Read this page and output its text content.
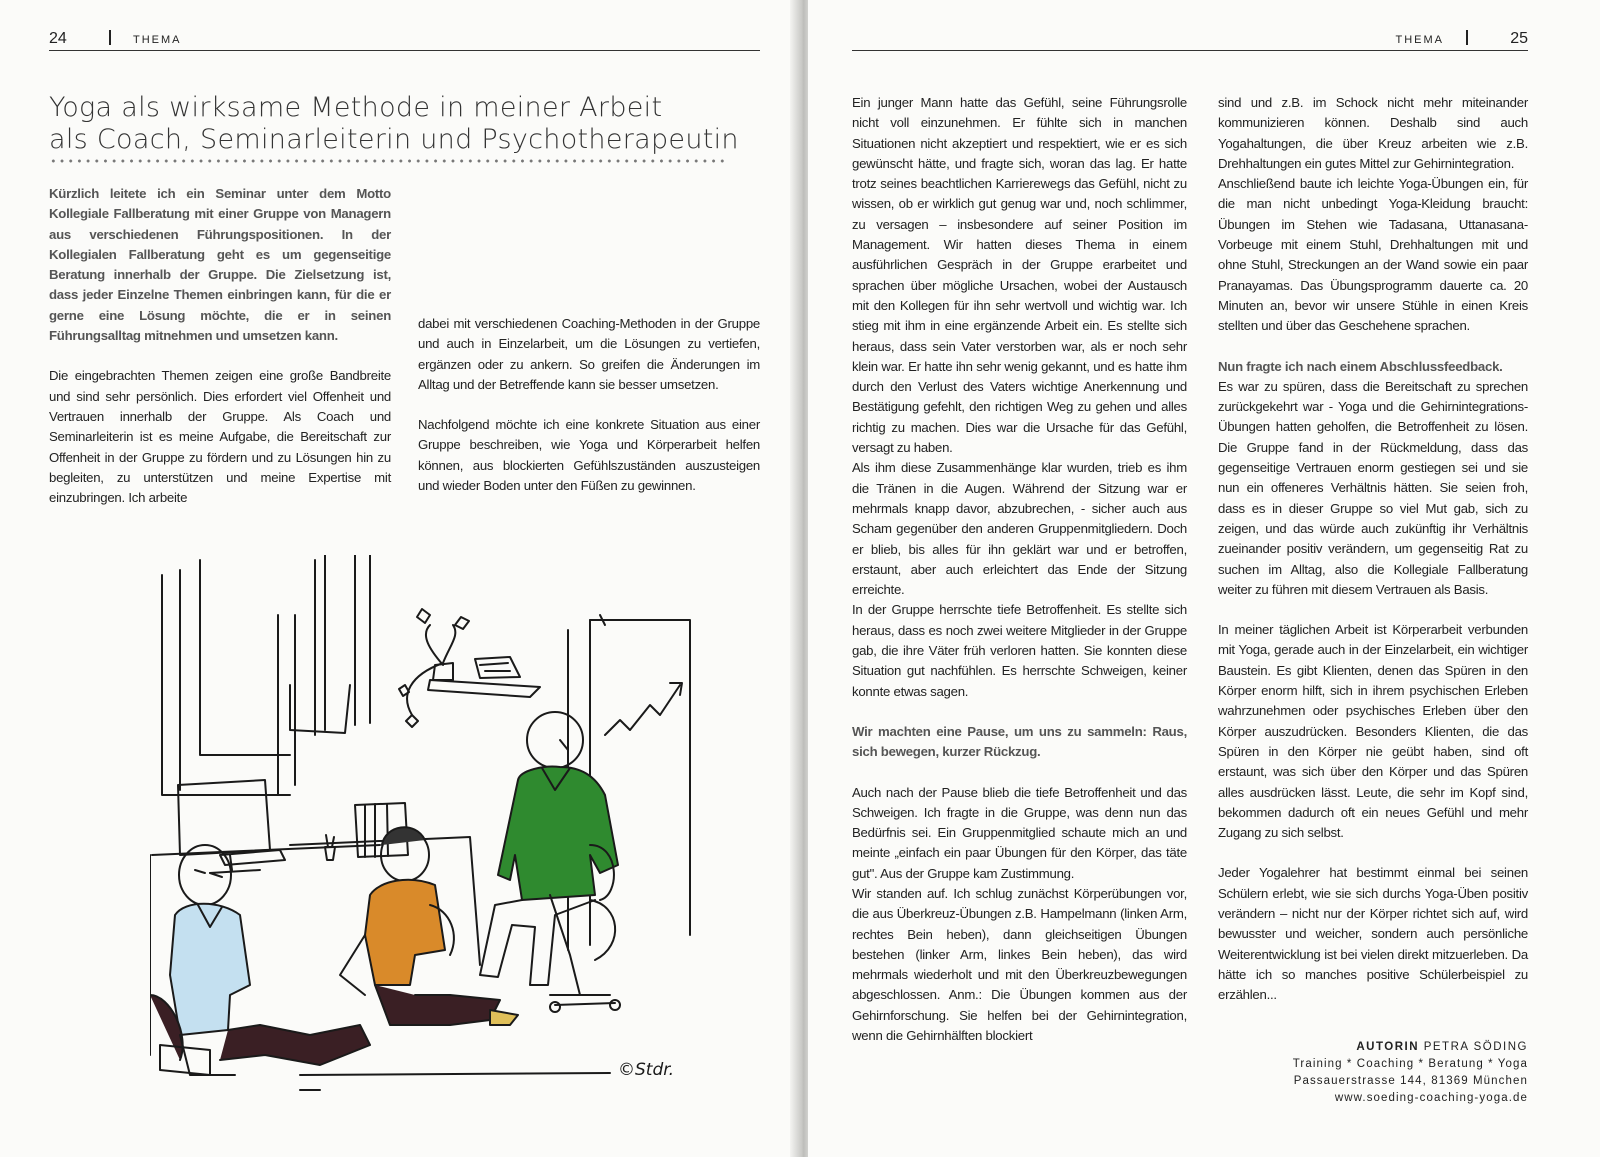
24	THEMA
Yoga als wirksame Methode in meiner Arbeit
als Coach, Seminarleiterin und Psychotherapeutin

Kürzlich leitete ich ein Seminar unter dem Motto Kollegiale Fallberatung mit einer Gruppe von Managern aus verschiedenen Führungspositionen. In der Kollegialen Fallberatung geht es um gegenseitige Beratung innerhalb der Gruppe. Die Zielsetzung ist, dass jeder Einzelne Themen einbringen kann, für die er gerne eine Lösung möchte, die er in seinen Führungsalltag mitnehmen und umsetzen kann.

Die eingebrachten Themen zeigen eine große Bandbreite und sind sehr persönlich. Dies erfordert viel Offenheit und Vertrauen innerhalb der Gruppe. Als Coach und Seminarleiterin ist es meine Aufgabe, die Bereitschaft zur Offenheit in der Gruppe zu fördern und zu Lösungen hin zu begleiten, zu unterstützen und meine Expertise mit einzubringen. Ich arbeite

dabei mit verschiedenen Coaching-Methoden in der Gruppe und auch in Einzelarbeit, um die Lösungen zu vertiefen, ergänzen oder zu ankern. So greifen die Änderungen im Alltag und der Betreffende kann sie besser umsetzen.

Nachfolgend möchte ich eine konkrete Situation aus einer Gruppe beschreiben, wie Yoga und Körperarbeit helfen können, aus blockierten Gefühlszuständen auszusteigen und wieder Boden unter den Füßen zu gewinnen.

©Stdr.
THEMA	25

Ein junger Mann hatte das Gefühl, seine Führungsrolle nicht voll einzunehmen. Er fühlte sich in manchen Situationen nicht akzeptiert und respektiert, wie er es sich gewünscht hätte, und fragte sich, woran das lag. Er hatte trotz seines beachtlichen Karrierewegs das Gefühl, nicht zu wissen, ob er wirklich gut genug war und, noch schlimmer, zu versagen – insbesondere auf seiner Position im Management. Wir hatten dieses Thema in einem ausführlichen Gespräch in der Gruppe erarbeitet und sprachen über mögliche Ursachen, wobei der Austausch mit den Kollegen für ihn sehr wertvoll und wichtig war. Ich stieg mit ihm in eine ergänzende Arbeit ein. Es stellte sich heraus, dass sein Vater verstorben war, als er noch sehr klein war. Er hatte ihn sehr wenig gekannt, und es hatte ihm durch den Verlust des Vaters wichtige Anerkennung und Bestätigung gefehlt, den richtigen Weg zu gehen und alles richtig zu machen. Dies war die Ursache für das Gefühl, versagt zu haben.

Als ihm diese Zusammenhänge klar wurden, trieb es ihm die Tränen in die Augen. Während der Sitzung war er mehrmals knapp davor, abzubrechen, - sicher auch aus Scham gegenüber den anderen Gruppenmitgliedern. Doch er blieb, bis alles für ihn geklärt war und er betroffen, erstaunt, aber auch erleichtert das Ende der Sitzung erreichte.

In der Gruppe herrschte tiefe Betroffenheit. Es stellte sich heraus, dass es noch zwei weitere Mitglieder in der Gruppe gab, die ihre Väter früh verloren hatten. Sie konnten diese Situation gut nachfühlen. Es herrschte Schweigen, keiner konnte etwas sagen.

Wir machten eine Pause, um uns zu sammeln: Raus, sich bewegen, kurzer Rückzug.

Auch nach der Pause blieb die tiefe Betroffenheit und das Schweigen. Ich fragte in die Gruppe, was denn nun das Bedürfnis sei. Ein Gruppenmitglied schaute mich an und meinte „einfach ein paar Übungen für den Körper, das täte gut". Aus der Gruppe kam Zustimmung.

Wir standen auf. Ich schlug zunächst Körperübungen vor, die aus Überkreuz-Übungen z.B. Hampelmann (linken Arm, rechtes Bein heben), dann gleichseitigen Übungen bestehen (linker Arm, linkes Bein heben), das wird mehrmals wiederholt und mit den Überkreuzbewegungen abgeschlossen. Anm.: Die Übungen kommen aus der Gehirnforschung. Sie helfen bei der Gehirnintegration, wenn die Gehirnhälften blockiert

sind und z.B. im Schock nicht mehr miteinander kommunizieren können. Deshalb sind auch Yogahaltungen, die über Kreuz arbeiten wie z.B. Drehhaltungen ein gutes Mittel zur Gehirnintegration.

Anschließend baute ich leichte Yoga-Übungen ein, für die man nicht unbedingt Yoga-Kleidung braucht: Übungen im Stehen wie Tadasana, Uttanasana-Vorbeuge mit einem Stuhl, Drehhaltungen mit und ohne Stuhl, Streckungen an der Wand sowie ein paar Pranayamas. Das Übungsprogramm dauerte ca. 20 Minuten an, bevor wir unsere Stühle in einen Kreis stellten und über das Geschehene sprachen.

Nun fragte ich nach einem Abschlussfeedback.

Es war zu spüren, dass die Bereitschaft zu sprechen zurückgekehrt war - Yoga und die Gehirnintegrations-Übungen hatten geholfen, die Betroffenheit zu lösen. Die Gruppe fand in der Rückmeldung, dass das gegenseitige Vertrauen enorm gestiegen sei und sie nun ein offeneres Verhältnis hätten. Sie seien froh, dass es in dieser Gruppe so viel Mut gab, sich zu zeigen, und das würde auch zukünftig ihr Verhältnis zueinander positiv verändern, um gegenseitig Rat zu suchen im Alltag, also die Kollegiale Fallberatung weiter zu führen mit diesem Vertrauen als Basis.

In meiner täglichen Arbeit ist Körperarbeit verbunden mit Yoga, gerade auch in der Einzelarbeit, ein wichtiger Baustein. Es gibt Klienten, denen das Spüren in den Körper enorm hilft, sich in ihrem psychischen Erleben wahrzunehmen oder psychisches Erleben über den Körper auszudrücken. Besonders Klienten, die das Spüren in den Körper nie geübt haben, sind oft erstaunt, was sich über den Körper und das Spüren alles ausdrücken lässt. Leute, die sehr im Kopf sind, bekommen dadurch oft ein neues Gefühl und mehr Zugang zu sich selbst.

Jeder Yogalehrer hat bestimmt einmal bei seinen Schülern erlebt, wie sie sich durchs Yoga-Üben positiv verändern – nicht nur der Körper richtet sich auf, wird bewusster und weicher, sondern auch persönliche Weiterentwicklung ist bei vielen direkt mitzuerleben. Da hätte ich so manches positive Schülerbeispiel zu erzählen...

AUTORIN PETRA SÖDING
Training * Coaching * Beratung * Yoga
Passauerstrasse 144, 81369 München
www.soeding-coaching-yoga.de
